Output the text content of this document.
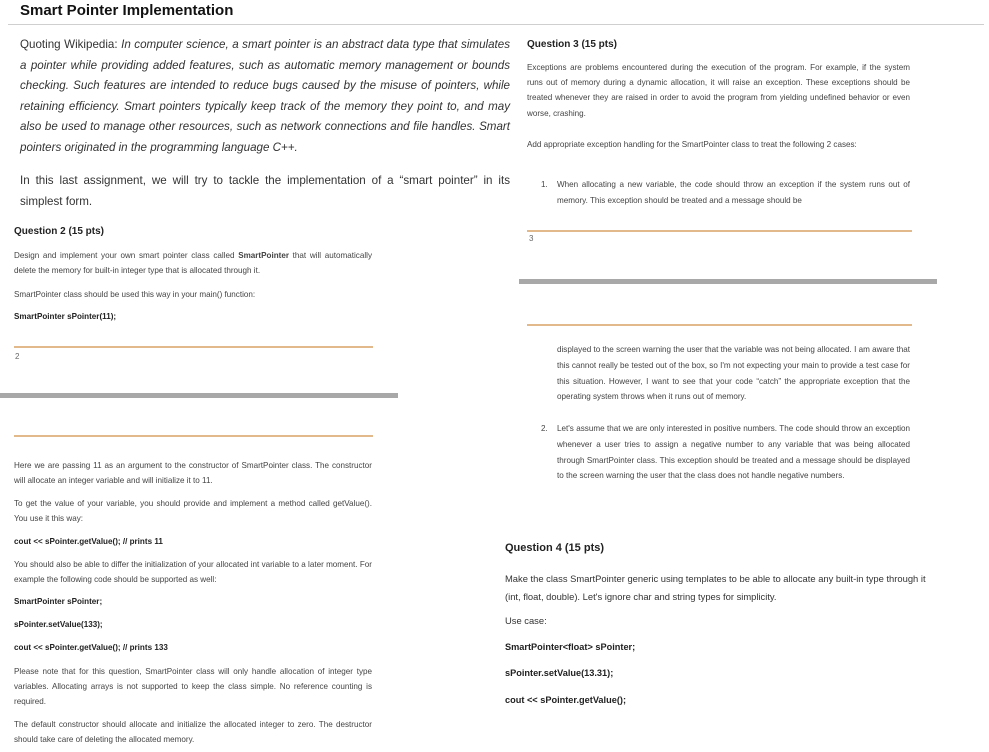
Smart Pointer Implementation
Quoting Wikipedia: In computer science, a smart pointer is an abstract data type that simulates a pointer while providing added features, such as automatic memory management or bounds checking. Such features are intended to reduce bugs caused by the misuse of pointers, while retaining efficiency. Smart pointers typically keep track of the memory they point to, and may also be used to manage other resources, such as network connections and file handles. Smart pointers originated in the programming language C++.
In this last assignment, we will try to tackle the implementation of a “smart pointer” in its simplest form.
Question 2 (15 pts)
Design and implement your own smart pointer class called SmartPointer that will automatically delete the memory for built-in integer type that is allocated through it.
SmartPointer class should be used this way in your main() function:
SmartPointer sPointer(11);
2
Here we are passing 11 as an argument to the constructor of SmartPointer class. The constructor will allocate an integer variable and will initialize it to 11.
To get the value of your variable, you should provide and implement a method called getValue(). You use it this way:
cout << sPointer.getValue(); // prints 11
You should also be able to differ the initialization of your allocated int variable to a later moment. For example the following code should be supported as well:
SmartPointer sPointer;
sPointer.setValue(133);
cout << sPointer.getValue(); // prints 133
Please note that for this question, SmartPointer class will only handle allocation of integer type variables. Allocating arrays is not supported to keep the class simple. No reference counting is required.
The default constructor should allocate and initialize the allocated integer to zero. The destructor should take care of deleting the allocated memory.
Question 3 (15 pts)
Exceptions are problems encountered during the execution of the program. For example, if the system runs out of memory during a dynamic allocation, it will raise an exception. These exceptions should be treated whenever they are raised in order to avoid the program from yielding undefined behavior or even worse, crashing.
Add appropriate exception handling for the SmartPointer class to treat the following 2 cases:
1. When allocating a new variable, the code should throw an exception if the system runs out of memory. This exception should be treated and a message should be
3
displayed to the screen warning the user that the variable was not being allocated. I am aware that this cannot really be tested out of the box, so I'm not expecting your main to provide a test case for this situation. However, I want to see that your code “catch” the appropriate exception that the operating system throws when it runs out of memory.
2. Let's assume that we are only interested in positive numbers. The code should throw an exception whenever a user tries to assign a negative number to any variable that was being allocated through SmartPointer class. This exception should be treated and a message should be displayed to the screen warning the user that the class does not handle negative numbers.
Question 4 (15 pts)
Make the class SmartPointer generic using templates to be able to allocate any built-in type through it (int, float, double). Let's ignore char and string types for simplicity.
Use case:
SmartPointer<float> sPointer;
sPointer.setValue(13.31);
cout << sPointer.getValue();
